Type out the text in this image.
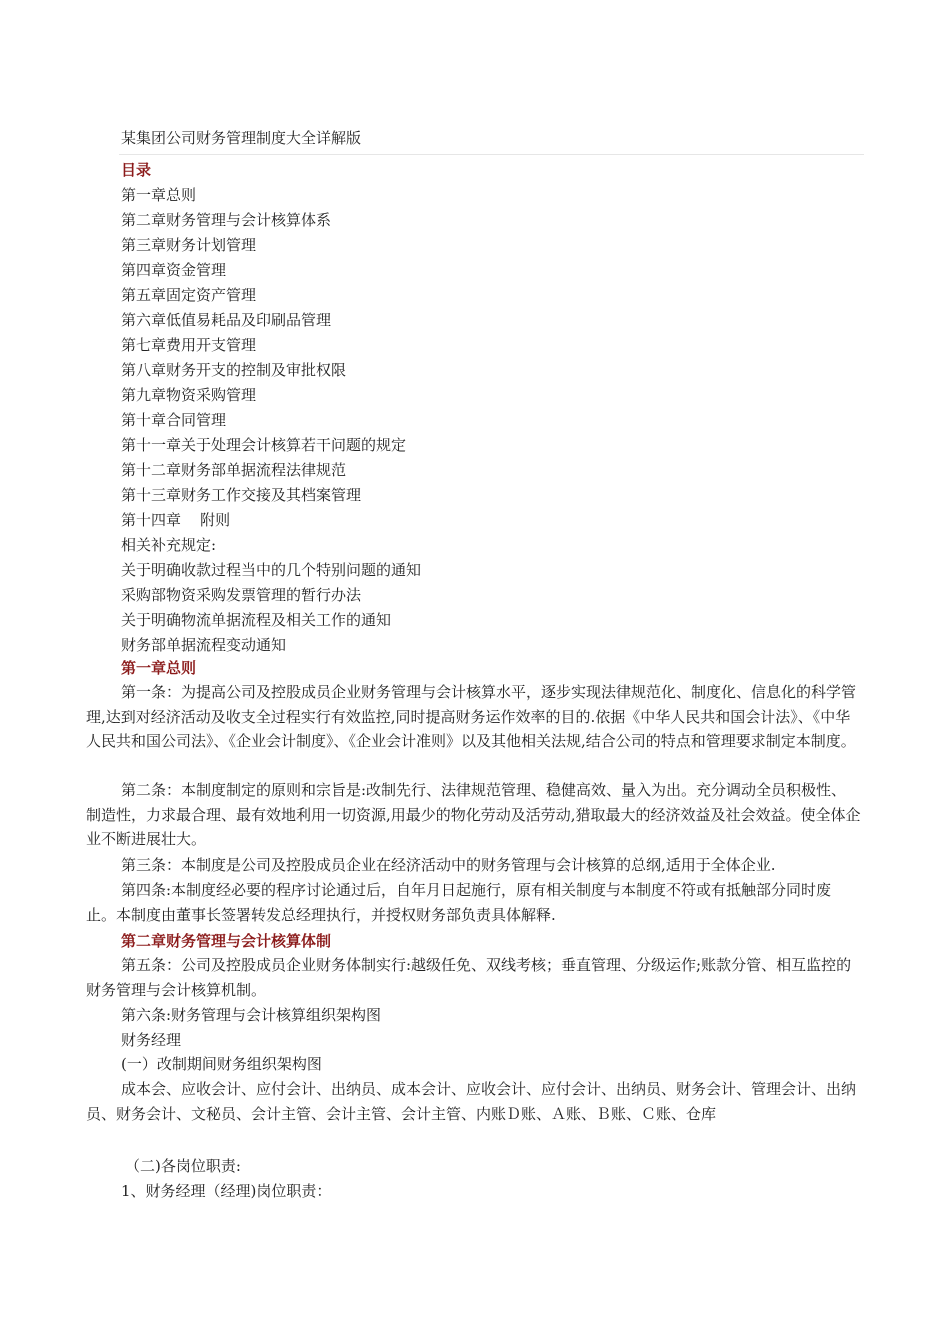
某集团公司财务管理制度大全详解版
目录
第一章总则
第二章财务管理与会计核算体系
第三章财务计划管理
第四章资金管理
第五章固定资产管理
第六章低值易耗品及印刷品管理
第七章费用开支管理
第八章财务开支的控制及审批权限
第九章物资采购管理
第十章合同管理
第十一章关于处理会计核算若干问题的规定
第十二章财务部单据流程法律规范
第十三章财务工作交接及其档案管理
第十四章    附则
相关补充规定:
关于明确收款过程当中的几个特别问题的通知
采购部物资采购发票管理的暂行办法
关于明确物流单据流程及相关工作的通知
财务部单据流程变动通知
第一章总则

第一条：为提高公司及控股成员企业财务管理与会计核算水平，逐步实现法律规范化、制度化、信息化的科学管理,达到对经济活动及收支全过程实行有效监控,同时提高财务运作效率的目的.依据《中华人民共和国会计法》、《中华人民共和国公司法》、《企业会计制度》、《企业会计准则》以及其他相关法规,结合公司的特点和管理要求制定本制度。

第二条：本制度制定的原则和宗旨是:改制先行、法律规范管理、稳健高效、量入为出。充分调动全员积极性、制造性，力求最合理、最有效地利用一切资源,用最少的物化劳动及活劳动,猎取最大的经济效益及社会效益。使全体企业不断进展壮大。

第三条：本制度是公司及控股成员企业在经济活动中的财务管理与会计核算的总纲,适用于全体企业.

第四条:本制度经必要的程序讨论通过后，自年月日起施行，原有相关制度与本制度不符或有抵触部分同时废止。本制度由董事长签署转发总经理执行，并授权财务部负责具体解释.

第二章财务管理与会计核算体制

第五条：公司及控股成员企业财务体制实行:越级任免、双线考核；垂直管理、分级运作;账款分管、相互监控的财务管理与会计核算机制。

第六条:财务管理与会计核算组织架构图
财务经理
(一）改制期间财务组织架构图

成本会、应收会计、应付会计、出纳员、成本会计、应收会计、应付会计、出纳员、财务会计、管理会计、出纳员、财务会计、文秘员、会计主管、会计主管、会计主管、内账Ｄ账、Ａ账、Ｂ账、Ｃ账、仓库

（二)各岗位职责:
1、财务经理（经理)岗位职责：
